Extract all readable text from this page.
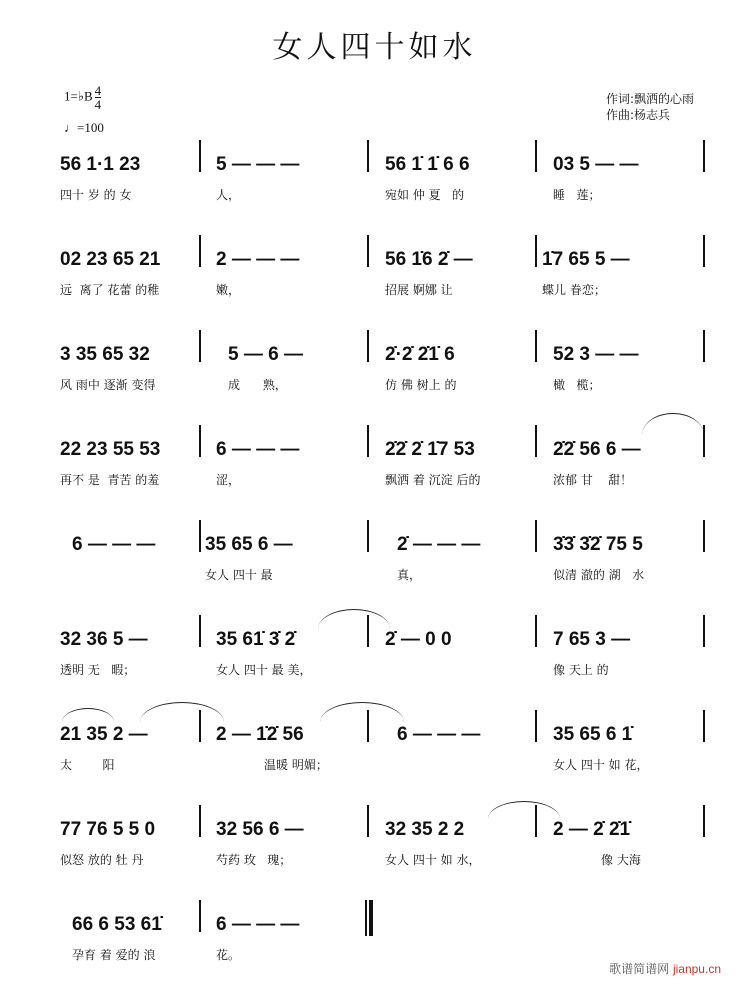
女人四十如水
1=♭B $\frac{4}{4}$
♩=100
作词:飘洒的心雨
作曲:杨志兵
56 1·1 23
四十 岁 的 女
5 — — —
人，
56 1̇ 1̇ 6 6
宛如 仲 夏   的
03 5 — —
睡   莲；
02 23 65 21
远  离了 花蕾 的稚
2 — — —
嫩，
56 1̇6 2̇ —
招展 婀娜 让
1̇7 65 5 —
蝶儿 眷恋；
3 35 65 32
风 雨中 逐渐 变得
5 — 6 —
成      熟，
2̇·2̇ 2̇1̇ 6
仿 佛 树上 的
52 3 — —
橄   榄；
22 23 55 53
再不 是  青苦 的羞
6 — — —
涩，
2̇2̇ 2̇ 1̇7 53
飘洒 着 沉淀 后的
2̇2̇ 56 6 —
浓郁 甘    甜！
6 — — —	35 65 6 —
女人 四十 最
2̇ — — —
真，
3̇3̇ 3̇2̇ 75 5
似清 澈的 湖   水
32 36 5 —
透明 无   暇；
35 61̇ 3̇ 2̇
女人 四十 最 美，
2̇ — 0 0	7 65 3 —
像 天上 的
21 35 2 —
太        阳
2 — 1̇2̇ 56
温暖 明媚；
6 — — —	35 65 6 1̇
女人 四十 如 花，
77 76 5 5 0
似怒 放的 牡 丹
32 56 6 —
芍药 玫   瑰；
32 35 2 2
女人 四十 如 水，
2 — 2̇ 2̇1̇
像 大海
66 6 53 61̇
孕育 着 爱的 浪
6 — — —
花。
歌谱简谱网 jianpu.cn
